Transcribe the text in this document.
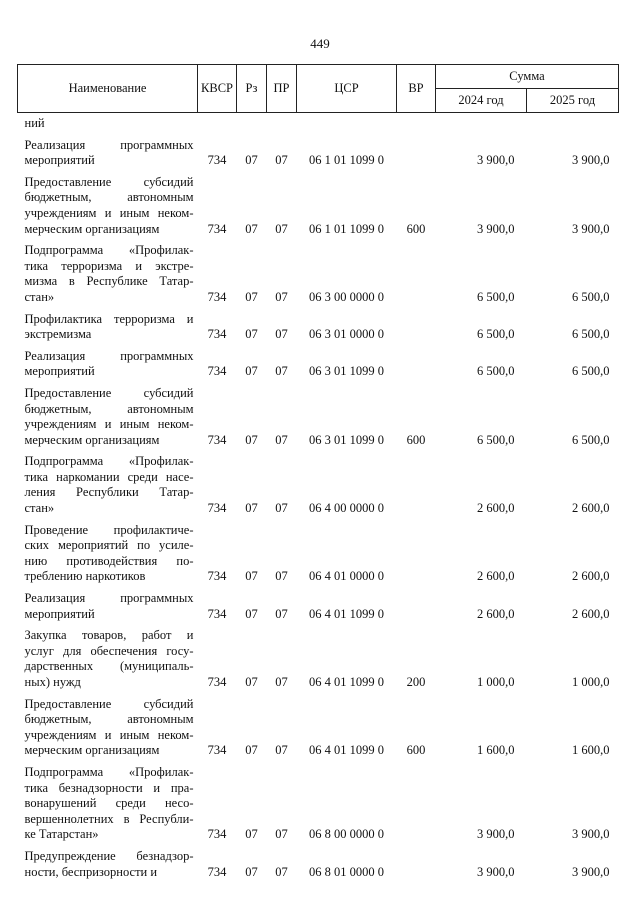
449
Наименование	КВСР	Рз	ПР	ЦСР	ВР	Сумма	
						2024 год	2025 год

ний							

Реализация программных
мероприятий	734	07	07	06 1 01 1099 0		3 900,0	3 900,0

Предоставление субсидий
бюджетным, автономным
учреждениям и иным неком-
мерческим организациям	734	07	07	06 1 01 1099 0	600	3 900,0	3 900,0

Подпрограмма «Профилак-
тика терроризма и экстре-
мизма в Республике Татар-
стан»	734	07	07	06 3 00 0000 0		6 500,0	6 500,0

Профилактика терроризма и
экстремизма	734	07	07	06 3 01 0000 0		6 500,0	6 500,0

Реализация программных
мероприятий	734	07	07	06 3 01 1099 0		6 500,0	6 500,0

Предоставление субсидий
бюджетным, автономным
учреждениям и иным неком-
мерческим организациям	734	07	07	06 3 01 1099 0	600	6 500,0	6 500,0

Подпрограмма «Профилак-
тика наркомании среди насе-
ления Республики Татар-
стан»	734	07	07	06 4 00 0000 0		2 600,0	2 600,0

Проведение профилактиче-
ских мероприятий по усиле-
нию противодействия по-
треблению наркотиков	734	07	07	06 4 01 0000 0		2 600,0	2 600,0

Реализация программных
мероприятий	734	07	07	06 4 01 1099 0		2 600,0	2 600,0

Закупка товаров, работ и
услуг для обеспечения госу-
дарственных (муниципаль-
ных) нужд	734	07	07	06 4 01 1099 0	200	1 000,0	1 000,0

Предоставление субсидий
бюджетным, автономным
учреждениям и иным неком-
мерческим организациям	734	07	07	06 4 01 1099 0	600	1 600,0	1 600,0

Подпрограмма «Профилак-
тика безнадзорности и пра-
вонарушений среди несо-
вершеннолетних в Республи-
ке Татарстан»	734	07	07	06 8 00 0000 0		3 900,0	3 900,0

Предупреждение безнадзор-
ности, беспризорности и	734	07	07	06 8 01 0000 0		3 900,0	3 900,0
